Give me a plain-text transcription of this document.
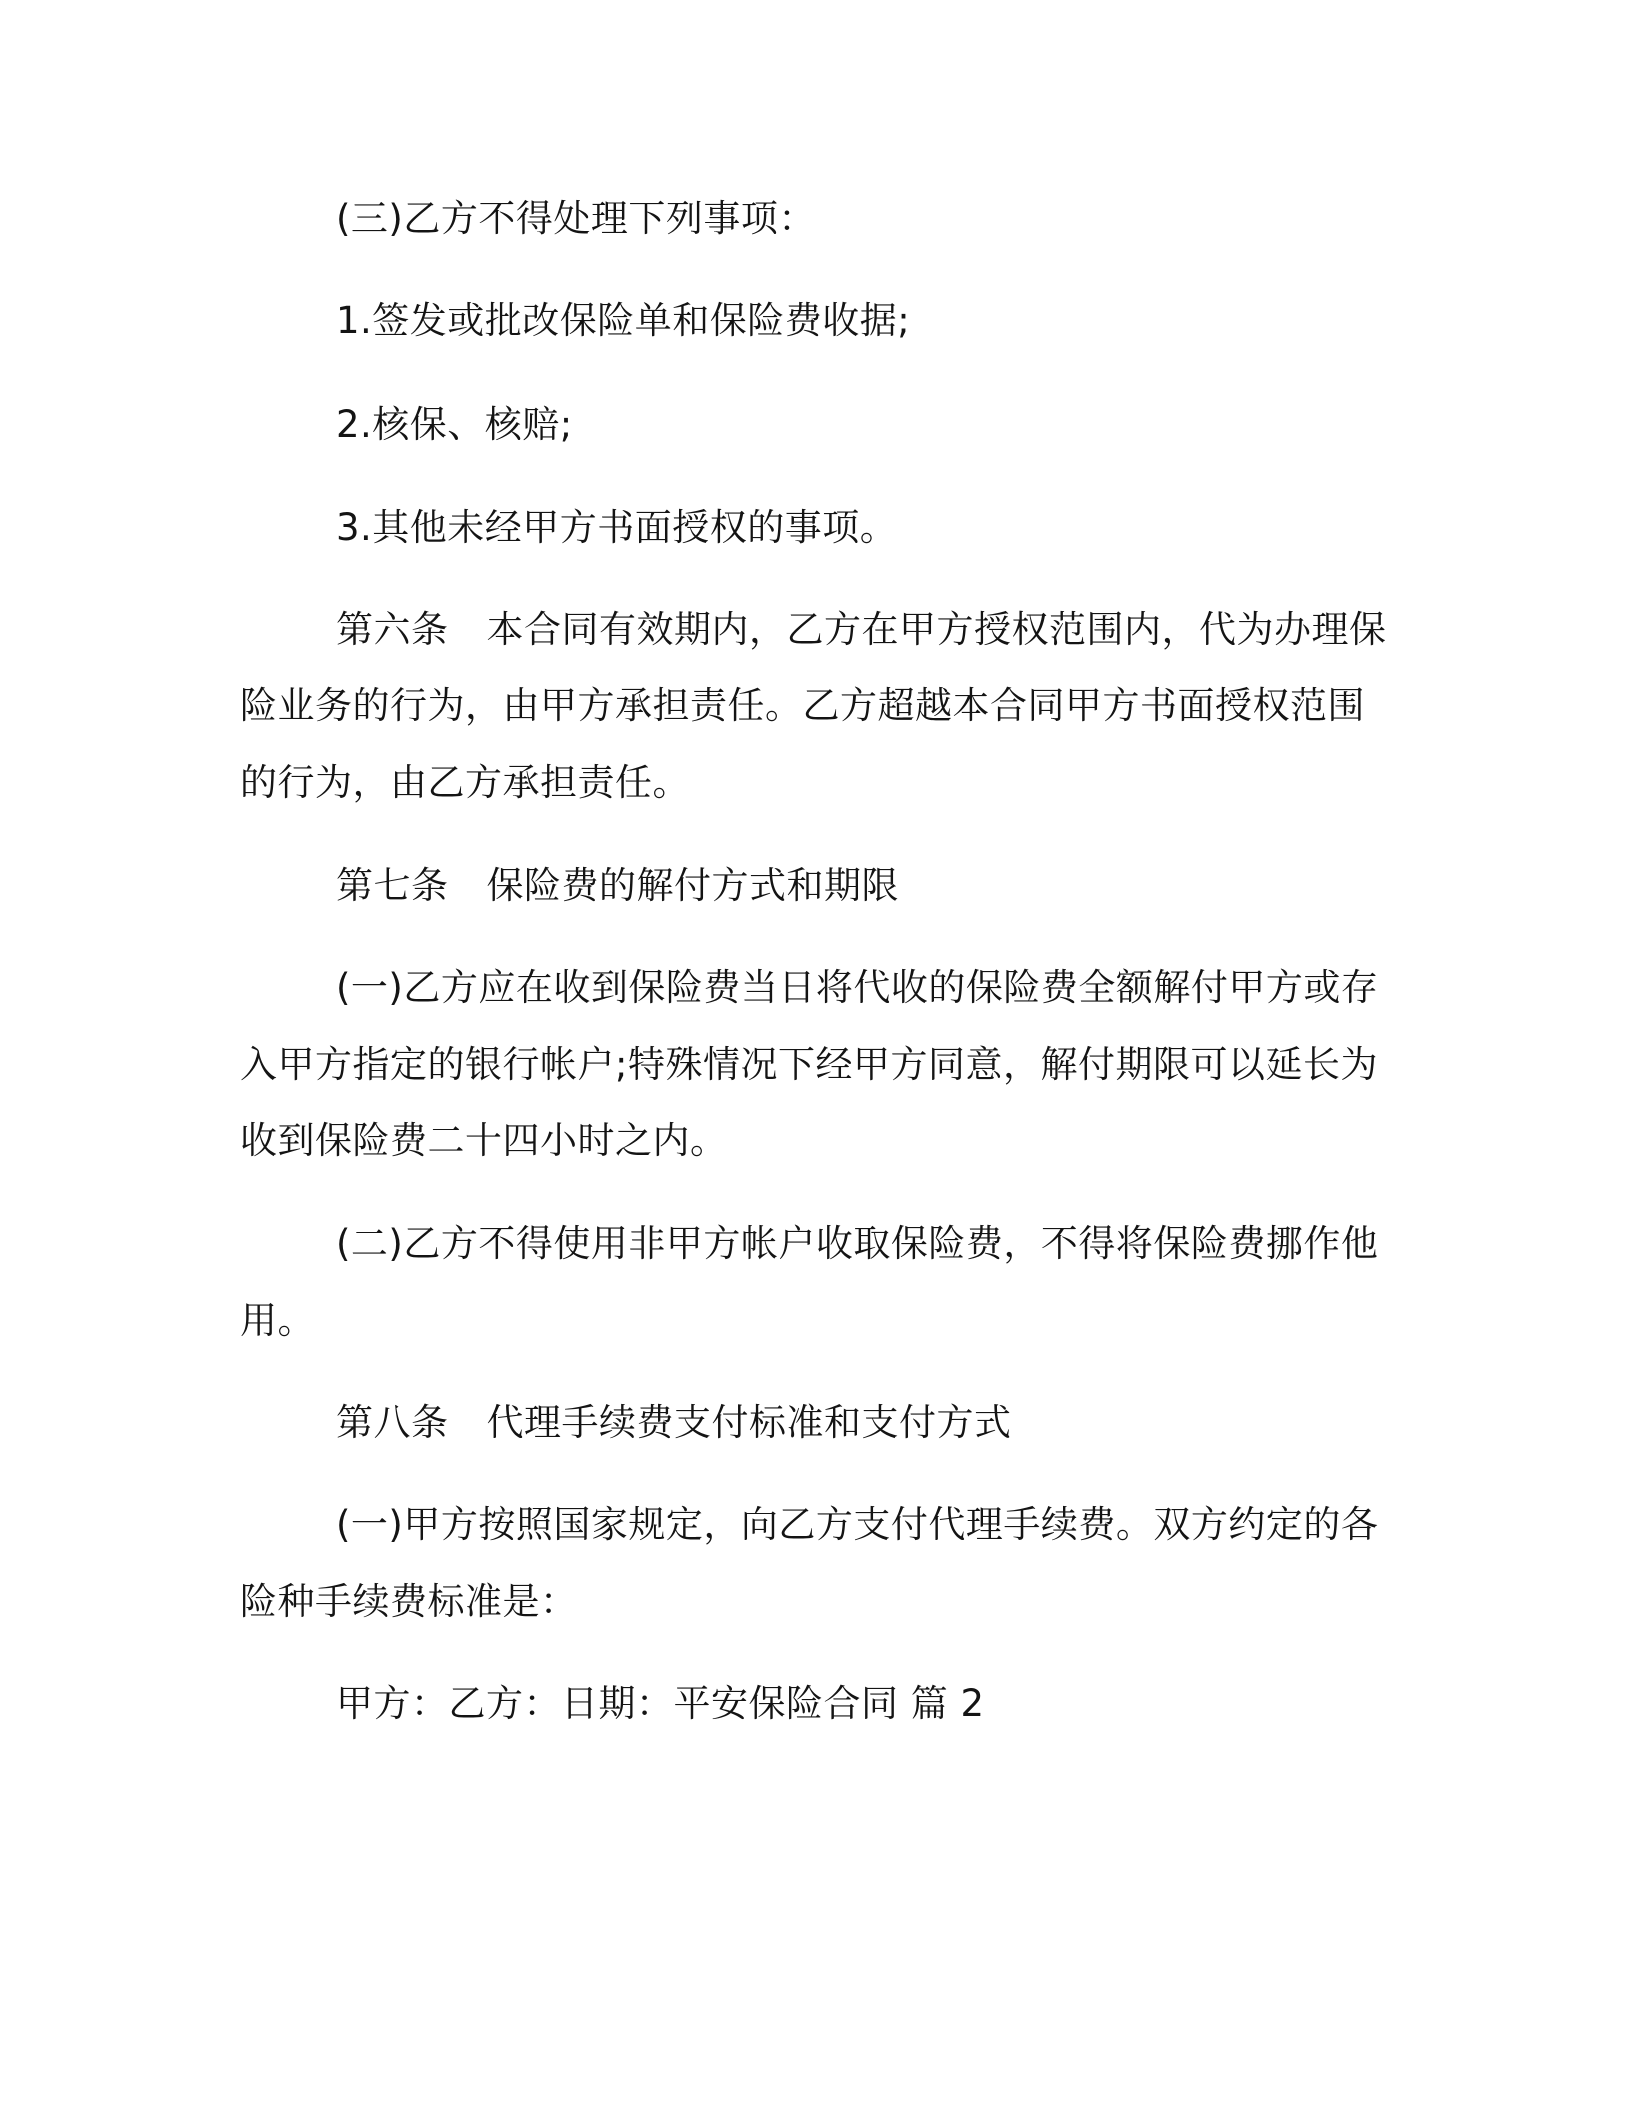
(三)乙方不得处理下列事项：
1.签发或批改保险单和保险费收据;
2.核保、核赔;
3.其他未经甲方书面授权的事项。
第六条 本合同有效期内，乙方在甲方授权范围内，代为办理保
险业务的行为，由甲方承担责任。乙方超越本合同甲方书面授权范围
的行为，由乙方承担责任。
第七条 保险费的解付方式和期限
(一)乙方应在收到保险费当日将代收的保险费全额解付甲方或存
入甲方指定的银行帐户;特殊情况下经甲方同意，解付期限可以延长为
收到保险费二十四小时之内。
(二)乙方不得使用非甲方帐户收取保险费，不得将保险费挪作他
用。
第八条 代理手续费支付标准和支付方式
(一)甲方按照国家规定，向乙方支付代理手续费。双方约定的各
险种手续费标准是：
甲方：乙方：日期：平安保险合同 篇 2
